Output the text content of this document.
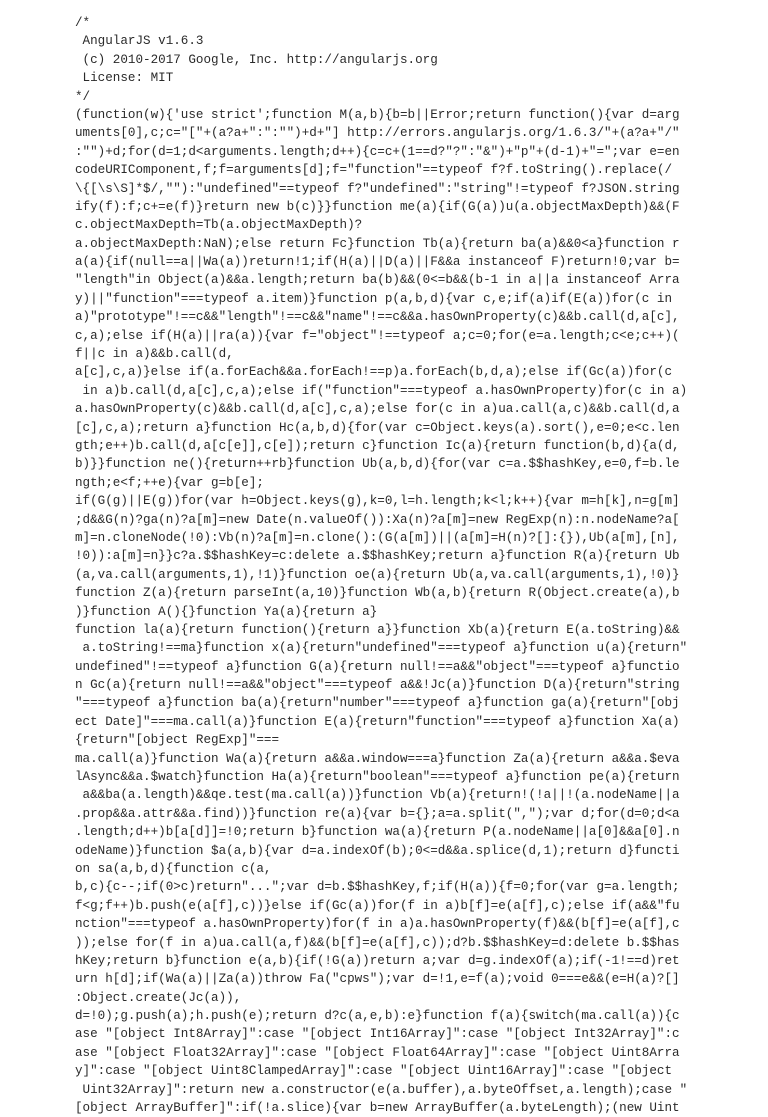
/*
AngularJS v1.6.3
(c) 2010-2017 Google, Inc. http://angularjs.org
License: MIT
*/
(function(w){'use strict';function M(a,b){b=b||Error;return function(){var d=arg
uments[0],c;c="["+(a?a+":":"")+d+"] http://errors.angularjs.org/1.6.3/"+(a?a+"/"
:"")+d;for(d=1;d<arguments.length;d++){c=c+(1==d?"?":"&")+"p"+(d-1)+"=";var e=en
codeURIComponent,f;f=arguments[d];f="function"==typeof f?f.toString().replace(/
\{[\s\S]*$/,""):"undefined"==typeof f?"undefined":"string"!=typeof f?JSON.string
ify(f):f;c+=e(f)}return new b(c)}}function me(a){if(G(a))u(a.objectMaxDepth)&&(F
c.objectMaxDepth=Tb(a.objectMaxDepth)?
a.objectMaxDepth:NaN);else return Fc}function Tb(a){return ba(a)&&0<a}function r
a(a){if(null==a||Wa(a))return!1;if(H(a)||D(a)||F&&a instanceof F)return!0;var b=
"length"in Object(a)&&a.length;return ba(b)&&(0<=b&&(b-1 in a||a instanceof Arra
y)||"function"===typeof a.item)}function p(a,b,d){var c,e;if(a)if(E(a))for(c in
a)"prototype"!==c&&"length"!==c&&"name"!==c&&a.hasOwnProperty(c)&&b.call(d,a[c],
c,a);else if(H(a)||ra(a)){var f="object"!==typeof a;c=0;for(e=a.length;c<e;c++)(
f||c in a)&&b.call(d,
a[c],c,a)}else if(a.forEach&&a.forEach!==p)a.forEach(b,d,a);else if(Gc(a))for(c
in a)b.call(d,a[c],c,a);else if("function"===typeof a.hasOwnProperty)for(c in a)
a.hasOwnProperty(c)&&b.call(d,a[c],c,a);else for(c in a)ua.call(a,c)&&b.call(d,a
[c],c,a);return a}function Hc(a,b,d){for(var c=Object.keys(a).sort(),e=0;e<c.len
gth;e++)b.call(d,a[c[e]],c[e]);return c}function Ic(a){return function(b,d){a(d,
b)}}function ne(){return++rb}function Ub(a,b,d){for(var c=a.$$hashKey,e=0,f=b.le
ngth;e<f;++e){var g=b[e];
if(G(g)||E(g))for(var h=Object.keys(g),k=0,l=h.length;k<l;k++){var m=h[k],n=g[m]
;d&&G(n)?ga(n)?a[m]=new Date(n.valueOf()):Xa(n)?a[m]=new RegExp(n):n.nodeName?a[
m]=n.cloneNode(!0):Vb(n)?a[m]=n.clone():(G(a[m])||(a[m]=H(n)?[]:{}),Ub(a[m],[n],
!0)):a[m]=n}}c?a.$$hashKey=c:delete a.$$hashKey;return a}function R(a){return Ub
(a,va.call(arguments,1),!1)}function oe(a){return Ub(a,va.call(arguments,1),!0)}
function Z(a){return parseInt(a,10)}function Wb(a,b){return R(Object.create(a),b
)}function A(){}function Ya(a){return a}
function la(a){return function(){return a}}function Xb(a){return E(a.toString)&&
a.toString!==ma}function x(a){return"undefined"===typeof a}function u(a){return"
undefined"!==typeof a}function G(a){return null!==a&&"object"===typeof a}functio
n Gc(a){return null!==a&&"object"===typeof a&&!Jc(a)}function D(a){return"string
"===typeof a}function ba(a){return"number"===typeof a}function ga(a){return"[obj
ect Date]"===ma.call(a)}function E(a){return"function"===typeof a}function Xa(a)
{return"[object RegExp]"===
ma.call(a)}function Wa(a){return a&&a.window===a}function Za(a){return a&&a.$eva
lAsync&&a.$watch}function Ha(a){return"boolean"===typeof a}function pe(a){return
a&&ba(a.length)&&qe.test(ma.call(a))}function Vb(a){return!(!a||!(a.nodeName||a
.prop&&a.attr&&a.find))}function re(a){var b={};a=a.split(",");var d;for(d=0;d<a
.length;d++)b[a[d]]=!0;return b}function wa(a){return P(a.nodeName||a[0]&&a[0].n
odeName)}function $a(a,b){var d=a.indexOf(b);0<=d&&a.splice(d,1);return d}functi
on sa(a,b,d){function c(a,
b,c){c--;if(0>c)return"...";var d=b.$$hashKey,f;if(H(a)){f=0;for(var g=a.length;
f<g;f++)b.push(e(a[f],c))}else if(Gc(a))for(f in a)b[f]=e(a[f],c);else if(a&&"fu
nction"===typeof a.hasOwnProperty)for(f in a)a.hasOwnProperty(f)&&(b[f]=e(a[f],c
));else for(f in a)ua.call(a,f)&&(b[f]=e(a[f],c));d?b.$$hashKey=d:delete b.$$has
hKey;return b}function e(a,b){if(!G(a))return a;var d=g.indexOf(a);if(-1!==d)ret
urn h[d];if(Wa(a)||Za(a))throw Fa("cpws");var d=!1,e=f(a);void 0===e&&(e=H(a)?[]
:Object.create(Jc(a)),
d=!0);g.push(a);h.push(e);return d?c(a,e,b):e}function f(a){switch(ma.call(a)){c
ase "[object Int8Array]":case "[object Int16Array]":case "[object Int32Array]":c
ase "[object Float32Array]":case "[object Float64Array]":case "[object Uint8Arra
y]":case "[object Uint8ClampedArray]":case "[object Uint16Array]":case "[object
Uint32Array]":return new a.constructor(e(a.buffer),a.byteOffset,a.length);case "
[object ArrayBuffer]":if(!a.slice){var b=new ArrayBuffer(a.byteLength);(new Uint
